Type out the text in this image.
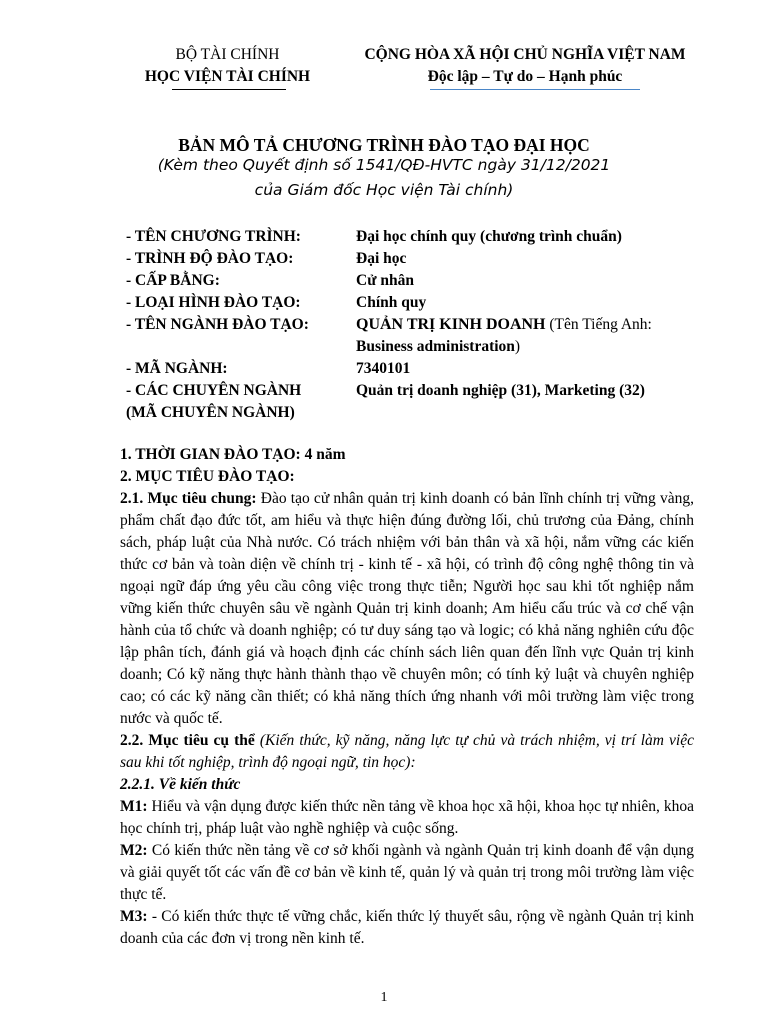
BỘ TÀI CHÍNH
HỌC VIỆN TÀI CHÍNH
CỘNG HÒA XÃ HỘI CHỦ NGHĨA VIỆT NAM
Độc lập – Tự do – Hạnh phúc
BẢN MÔ TẢ CHƯƠNG TRÌNH ĐÀO TẠO ĐẠI HỌC
(Kèm theo Quyết định số 1541/QĐ-HVTC ngày 31/12/2021
của Giám đốc Học viện Tài chính)
- TÊN CHƯƠNG TRÌNH:	Đại học chính quy (chương trình chuẩn)
- TRÌNH ĐỘ ĐÀO TẠO:	Đại học
- CẤP BẰNG:	Cử nhân
- LOẠI HÌNH ĐÀO TẠO:	Chính quy
- TÊN NGÀNH ĐÀO TẠO:	QUẢN TRỊ KINH DOANH (Tên Tiếng Anh:
Business administration)
- MÃ NGÀNH:	7340101
- CÁC CHUYÊN NGÀNH	Quản trị doanh nghiệp (31), Marketing (32)
(MÃ CHUYÊN NGÀNH)

1. THỜI GIAN ĐÀO TẠO: 4 năm

2. MỤC TIÊU ĐÀO TẠO:

2.1. Mục tiêu chung: Đào tạo cử nhân quản trị kinh doanh có bản lĩnh chính trị vững vàng, phẩm chất đạo đức tốt, am hiểu và thực hiện đúng đường lối, chủ trương của Đảng, chính sách, pháp luật của Nhà nước. Có trách nhiệm với bản thân và xã hội, nắm vững các kiến thức cơ bản và toàn diện về chính trị - kinh tế - xã hội, có trình độ công nghệ thông tin và ngoại ngữ đáp ứng yêu cầu công việc trong thực tiễn; Người học sau khi tốt nghiệp nắm vững kiến thức chuyên sâu về ngành Quản trị kinh doanh; Am hiểu cấu trúc và cơ chế vận hành của tổ chức và doanh nghiệp; có tư duy sáng tạo và logic; có khả năng nghiên cứu độc lập phân tích, đánh giá và hoạch định các chính sách liên quan đến lĩnh vực Quản trị kinh doanh; Có kỹ năng thực hành thành thạo về chuyên môn; có tính kỷ luật và chuyên nghiệp cao; có các kỹ năng cần thiết; có khả năng thích ứng nhanh với môi trường làm việc trong nước và quốc tế.

2.2. Mục tiêu cụ thể (Kiến thức, kỹ năng, năng lực tự chủ và trách nhiệm, vị trí làm việc sau khi tốt nghiệp, trình độ ngoại ngữ, tin học):

2.2.1. Về kiến thức

M1: Hiểu và vận dụng được kiến thức nền tảng về khoa học xã hội, khoa học tự nhiên, khoa học chính trị, pháp luật vào nghề nghiệp và cuộc sống.

M2: Có kiến thức nền tảng về cơ sở khối ngành và ngành Quản trị kinh doanh để vận dụng và giải quyết tốt các vấn đề cơ bản về kinh tế, quản lý và quản trị trong môi trường làm việc thực tế.

M3: - Có kiến thức thực tế vững chắc, kiến thức lý thuyết sâu, rộng về ngành Quản trị kinh doanh của các đơn vị trong nền kinh tế.

1
